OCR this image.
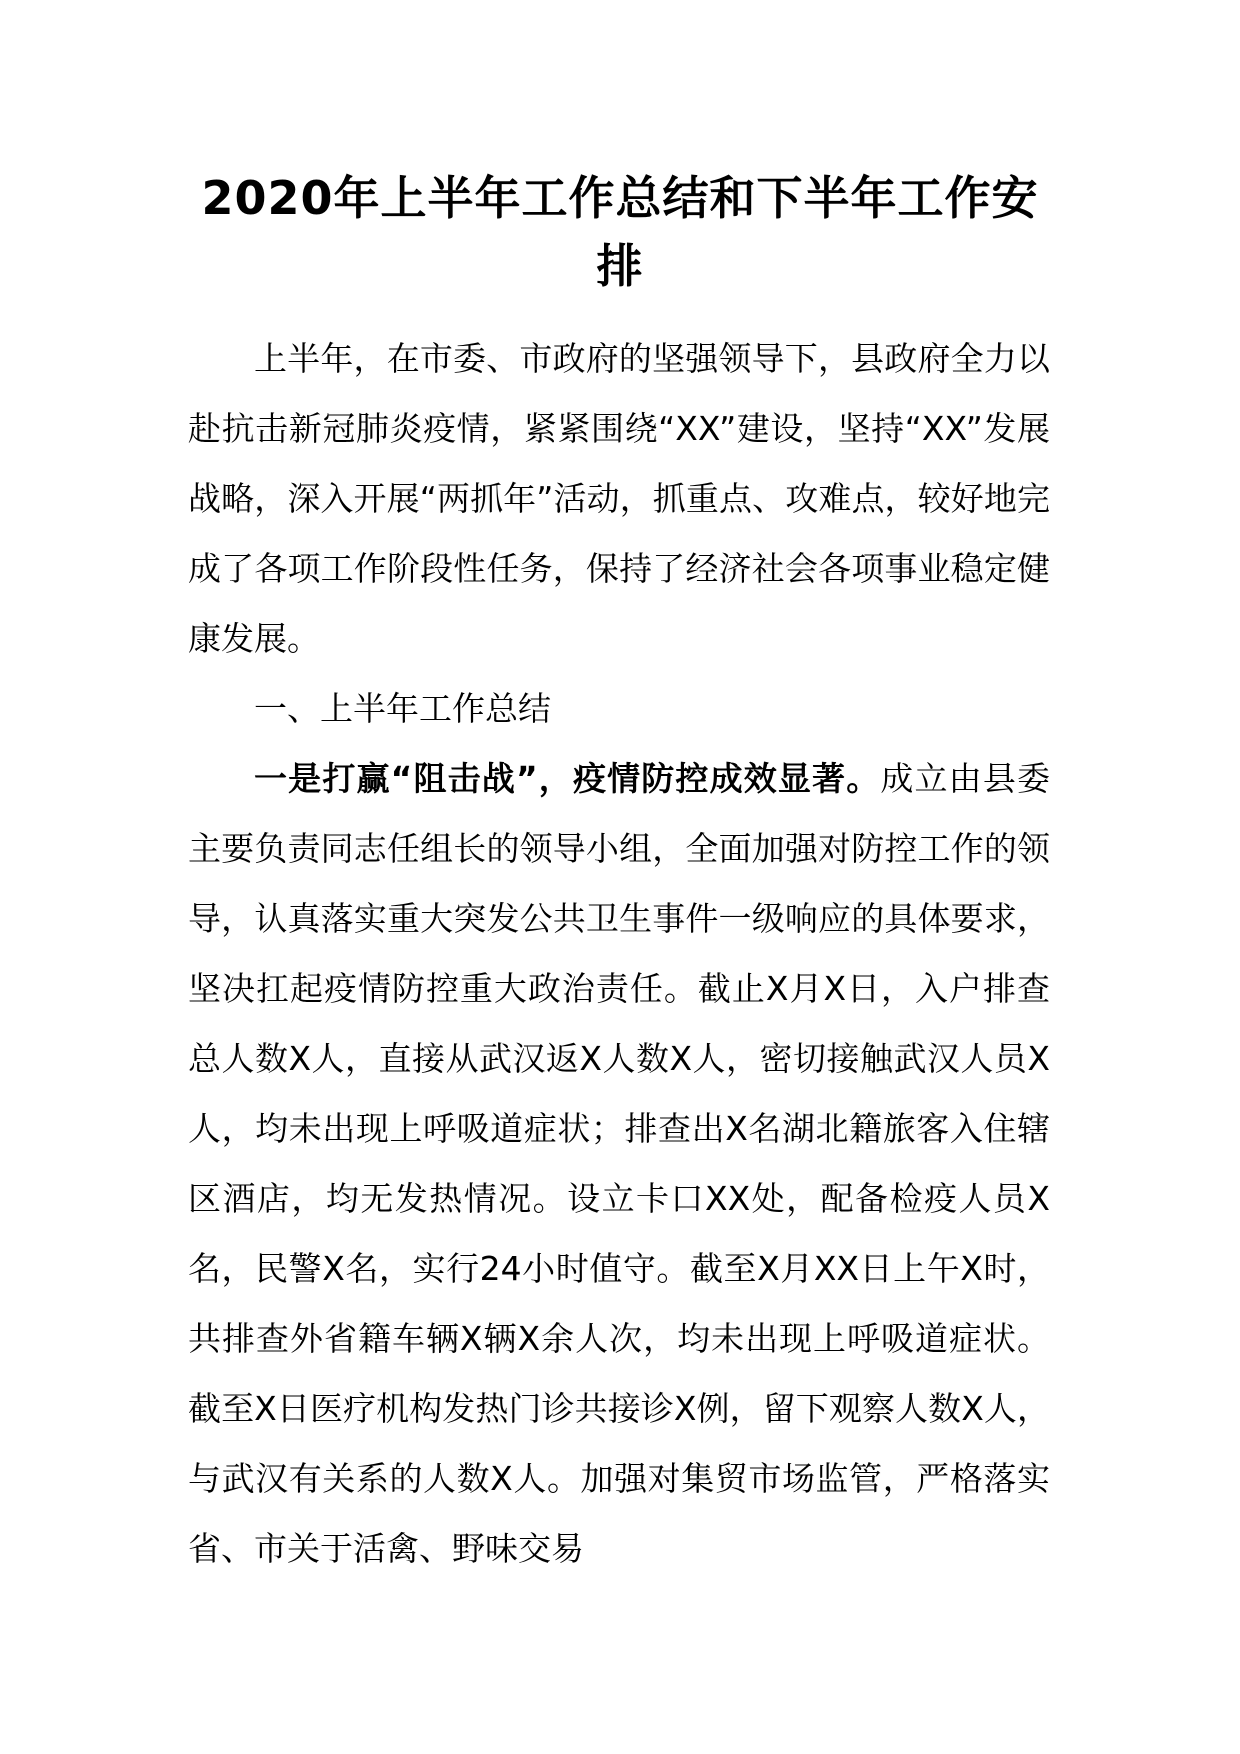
2020年上半年工作总结和下半年工作安排

上半年，在市委、市政府的坚强领导下，县政府全力以赴抗击新冠肺炎疫情，紧紧围绕“XX”建设，坚持“XX”发展战略，深入开展“两抓年”活动，抓重点、攻难点，较好地完成了各项工作阶段性任务，保持了经济社会各项事业稳定健康发展。

一、上半年工作总结

一是打赢“阻击战”，疫情防控成效显著。成立由县委主要负责同志任组长的领导小组，全面加强对防控工作的领导，认真落实重大突发公共卫生事件一级响应的具体要求，坚决扛起疫情防控重大政治责任。截止X月X日，入户排查总人数X人，直接从武汉返X人数X人，密切接触武汉人员X人，均未出现上呼吸道症状；排查出X名湖北籍旅客入住辖区酒店，均无发热情况。设立卡口XX处，配备检疫人员X名，民警X名，实行24小时值守。截至X月XX日上午X时，共排查外省籍车辆X辆X余人次，均未出现上呼吸道症状。截至X日医疗机构发热门诊共接诊X例，留下观察人数X人，与武汉有关系的人数X人。加强对集贸市场监管，严格落实省、市关于活禽、野味交易
